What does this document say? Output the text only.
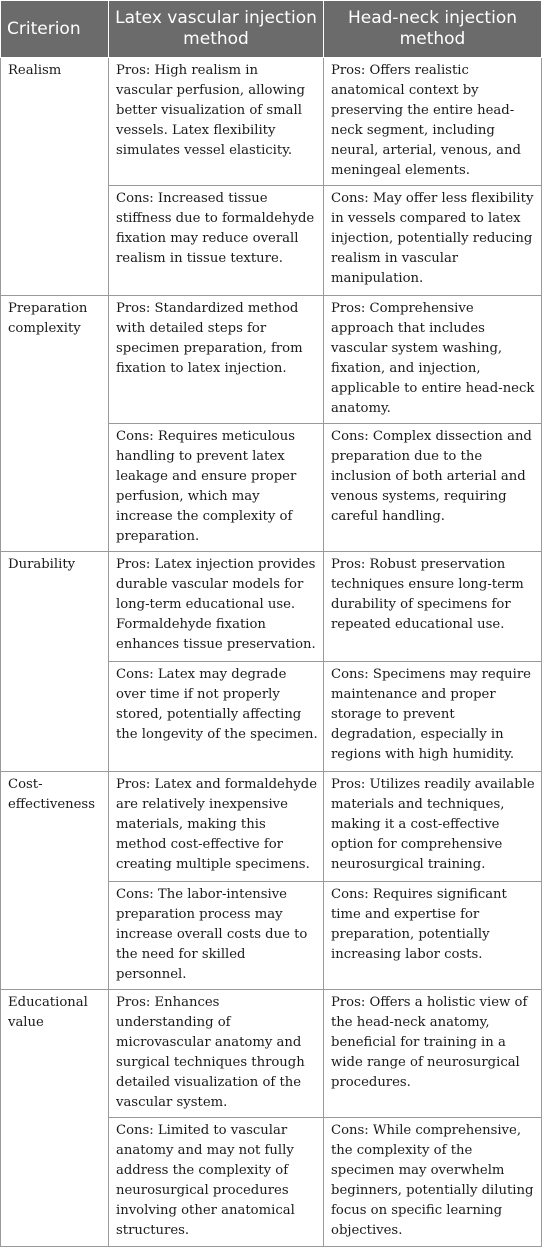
Criterion	Latex vascular injection method	Head-neck injection method
Realism	Pros: High realism in vascular perfusion, allowing better visualization of small vessels. Latex flexibility simulates vessel elasticity.	Pros: Offers realistic anatomical context by preserving the entire head-neck segment, including neural, arterial, venous, and meningeal elements.
	Cons: Increased tissue stiffness due to formaldehyde fixation may reduce overall realism in tissue texture.	Cons: May offer less flexibility in vessels compared to latex injection, potentially reducing realism in vascular manipulation.
Preparation complexity	Pros: Standardized method with detailed steps for specimen preparation, from fixation to latex injection.	Pros: Comprehensive approach that includes vascular system washing, fixation, and injection, applicable to entire head-neck anatomy.
	Cons: Requires meticulous handling to prevent latex leakage and ensure proper perfusion, which may increase the complexity of preparation.	Cons: Complex dissection and preparation due to the inclusion of both arterial and venous systems, requiring careful handling.
Durability	Pros: Latex injection provides durable vascular models for long-term educational use. Formaldehyde fixation enhances tissue preservation.	Pros: Robust preservation techniques ensure long-term durability of specimens for repeated educational use.
	Cons: Latex may degrade over time if not properly stored, potentially affecting the longevity of the specimen.	Cons: Specimens may require maintenance and proper storage to prevent degradation, especially in regions with high humidity.
Cost-effectiveness	Pros: Latex and formaldehyde are relatively inexpensive materials, making this method cost-effective for creating multiple specimens.	Pros: Utilizes readily available materials and techniques, making it a cost-effective option for comprehensive neurosurgical training.
	Cons: The labor-intensive preparation process may increase overall costs due to the need for skilled personnel.	Cons: Requires significant time and expertise for preparation, potentially increasing labor costs.
Educational value	Pros: Enhances understanding of microvascular anatomy and surgical techniques through detailed visualization of the vascular system.	Pros: Offers a holistic view of the head-neck anatomy, beneficial for training in a wide range of neurosurgical procedures.
	Cons: Limited to vascular anatomy and may not fully address the complexity of neurosurgical procedures involving other anatomical structures.	Cons: While comprehensive, the complexity of the specimen may overwhelm beginners, potentially diluting focus on specific learning objectives.
